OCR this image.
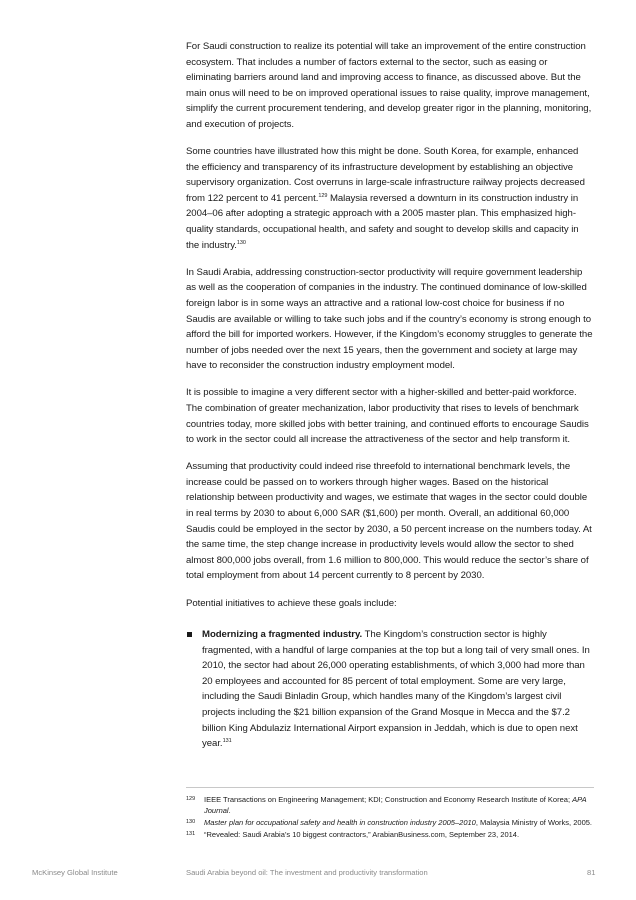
For Saudi construction to realize its potential will take an improvement of the entire construction ecosystem. That includes a number of factors external to the sector, such as easing or eliminating barriers around land and improving access to finance, as discussed above. But the main onus will need to be on improved operational issues to raise quality, improve management, simplify the current procurement tendering, and develop greater rigor in the planning, monitoring, and execution of projects.

Some countries have illustrated how this might be done. South Korea, for example, enhanced the efficiency and transparency of its infrastructure development by establishing an objective supervisory organization. Cost overruns in large-scale infrastructure railway projects decreased from 122 percent to 41 percent.$^{129}$ Malaysia reversed a downturn in its construction industry in 2004–06 after adopting a strategic approach with a 2005 master plan. This emphasized high-quality standards, occupational health, and safety and sought to develop skills and capacity in the industry.$^{130}$

In Saudi Arabia, addressing construction-sector productivity will require government leadership as well as the cooperation of companies in the industry. The continued dominance of low-skilled foreign labor is in some ways an attractive and a rational low-cost choice for business if no Saudis are available or willing to take such jobs and if the country’s economy is strong enough to afford the bill for imported workers. However, if the Kingdom’s economy struggles to generate the number of jobs needed over the next 15 years, then the government and society at large may have to reconsider the construction industry employment model.

It is possible to imagine a very different sector with a higher-skilled and better-paid workforce. The combination of greater mechanization, labor productivity that rises to levels of benchmark countries today, more skilled jobs with better training, and continued efforts to encourage Saudis to work in the sector could all increase the attractiveness of the sector and help transform it.

Assuming that productivity could indeed rise threefold to international benchmark levels, the increase could be passed on to workers through higher wages. Based on the historical relationship between productivity and wages, we estimate that wages in the sector could double in real terms by 2030 to about 6,000 SAR ($1,600) per month. Overall, an additional 60,000 Saudis could be employed in the sector by 2030, a 50 percent increase on the numbers today. At the same time, the step change increase in productivity levels would allow the sector to shed almost 800,000 jobs overall, from 1.6 million to 800,000. This would reduce the sector’s share of total employment from about 14 percent currently to 8 percent by 2030.

Potential initiatives to achieve these goals include:

Modernizing a fragmented industry. The Kingdom’s construction sector is highly fragmented, with a handful of large companies at the top but a long tail of very small ones. In 2010, the sector had about 26,000 operating establishments, of which 3,000 had more than 20 employees and accounted for 85 percent of total employment. Some are very large, including the Saudi Binladin Group, which handles many of the Kingdom’s largest civil projects including the $21 billion expansion of the Grand Mosque in Mecca and the $7.2 billion King Abdulaziz International Airport expansion in Jeddah, which is due to open next year.$^{131}$
129 IEEE Transactions on Engineering Management; KDI; Construction and Economy Research Institute of Korea; APA Journal.
130 Master plan for occupational safety and health in construction industry 2005–2010, Malaysia Ministry of Works, 2005.
131 “Revealed: Saudi Arabia’s 10 biggest contractors,” ArabianBusiness.com, September 23, 2014.
McKinsey Global Institute	Saudi Arabia beyond oil: The investment and productivity transformation	81
